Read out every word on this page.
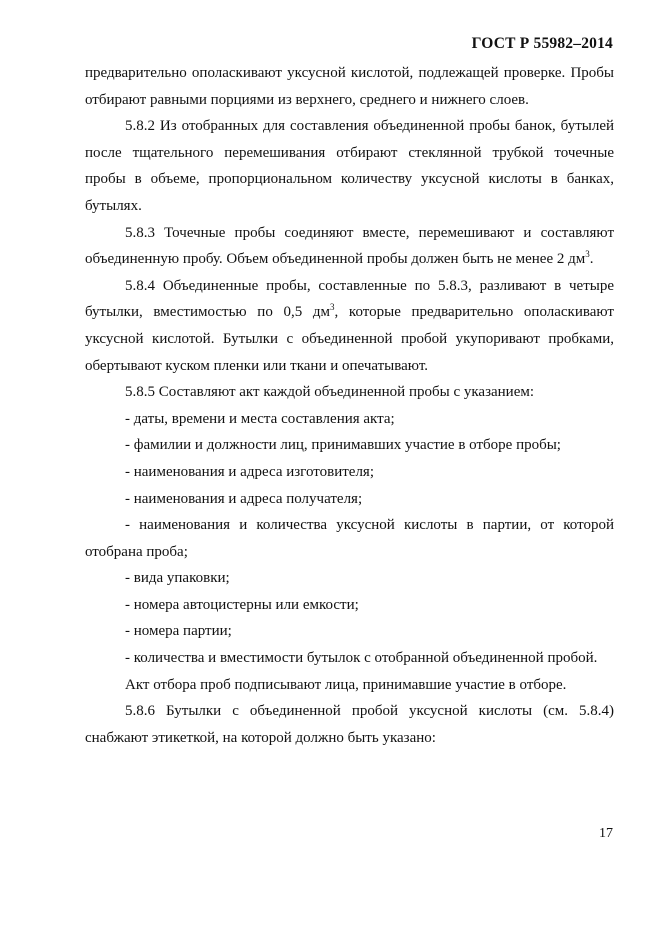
ГОСТ Р 55982–2014

предварительно ополаскивают уксусной кислотой, подлежащей проверке. Пробы отбирают равными порциями из верхнего, среднего и нижнего слоев.

5.8.2 Из отобранных для составления объединенной пробы банок, бутылей после тщательного перемешивания отбирают стеклянной трубкой точечные пробы в объеме, пропорциональном количеству уксусной кислоты в банках, бутылях.

5.8.3 Точечные пробы соединяют вместе, перемешивают и составляют объединенную пробу. Объем объединенной пробы должен быть не менее 2 $дм^3$.

5.8.4 Объединенные пробы, составленные по 5.8.3, разливают в четыре бутылки, вместимостью по 0,5 $дм^3$, которые предварительно ополаскивают уксусной кислотой. Бутылки с объединенной пробой укупоривают пробками, обертывают куском пленки или ткани и опечатывают.

5.8.5 Составляют акт каждой объединенной пробы с указанием:

- даты, времени и места составления акта;

- фамилии и должности лиц, принимавших участие в отборе пробы;

- наименования и адреса изготовителя;

- наименования и адреса получателя;

- наименования и количества уксусной кислоты в партии, от которой отобрана проба;

- вида упаковки;

- номера автоцистерны или емкости;

- номера партии;

- количества и вместимости бутылок с отобранной объединенной пробой.

Акт отбора проб подписывают лица, принимавшие участие в отборе.

5.8.6 Бутылки с объединенной пробой уксусной кислоты (см. 5.8.4) снабжают этикеткой, на которой должно быть указано:

17
